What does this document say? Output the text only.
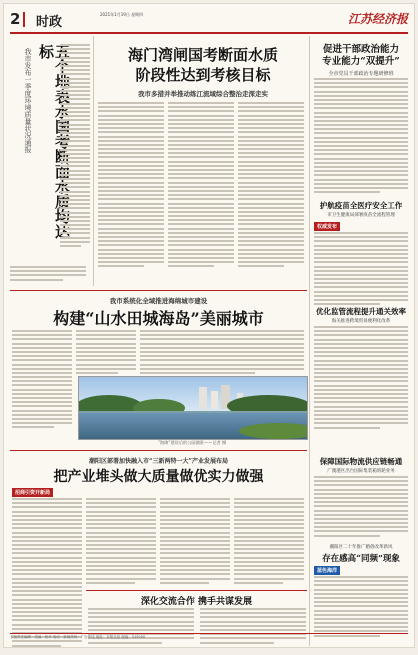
2 时政
2021年1月19日 星期四	江苏经济报
五个地表水国考 质 标
我市发布一季度环境质量状况通报	海门湾闸国考断面水质
阶段性达到考核目标
我市多措并举推动练江流域综合整治走深走实
促进干部政治能力
专业能力“双提升”
全市党员干部政治专题研修班
护航疫苗全医疗安全工作
市卫生健康局部署疫苗全流程管理
权威发布
优化监管流程提升通关效率
海关推进跨境贸易便利化改革
保障国际物流供应链畅通
广澳港区出台国际集装箱班轮业务
潮阳区二十年推广婚俗改革新风
存在感高“同频”现象
蓝色海洋
我市系统化全域推进海绵城市建设
构建“山水田城海岛”美丽城市
“海绵”建设后的公园湖景——记者 摄
潮阳区部署加快融入市“三新两特一大”产业发展布局
把产业堆头做大质量做优实力做强
招商引资开新局
深化交流合作 携手共谋发展
本版责任编辑 · 美编 · 校对 电话：新闻热线 · 广告热线 地址：本报社址 邮编：515000
